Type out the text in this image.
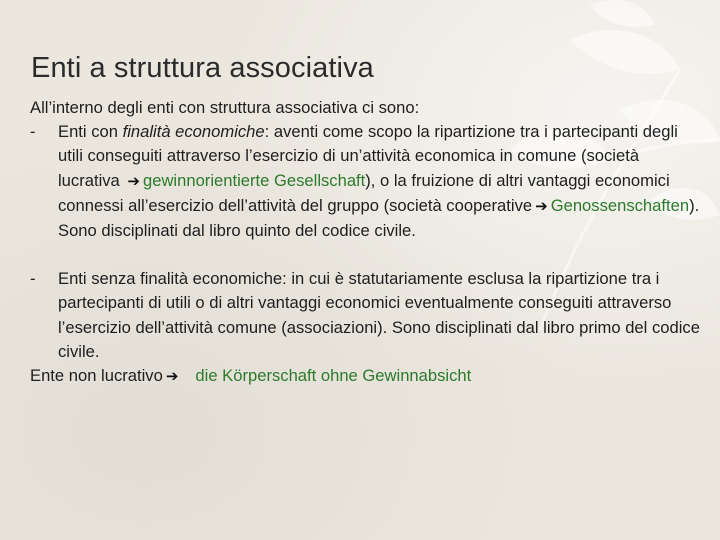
Enti a struttura associativa

All’interno degli enti con struttura associativa ci sono:

- Enti con finalità economiche: aventi come scopo la ripartizione tra i partecipanti degli utili conseguiti attraverso l’esercizio di un’attività economica in comune (società lucrativa ➔ gewinnorientierte Gesellschaft), o la fruizione di altri vantaggi economici connessi all’esercizio dell’attività del gruppo (società cooperative ➔ Genossenschaften). Sono disciplinati dal libro quinto del codice civile.

- Enti senza finalità economiche: in cui è statutariamente esclusa la ripartizione tra i partecipanti di utili o di altri vantaggi economici eventualmente conseguiti attraverso l’esercizio dell’attività comune (associazioni). Sono disciplinati dal libro primo del codice civile.

Ente non lucrativo ➔ die Körperschaft ohne Gewinnabsicht
